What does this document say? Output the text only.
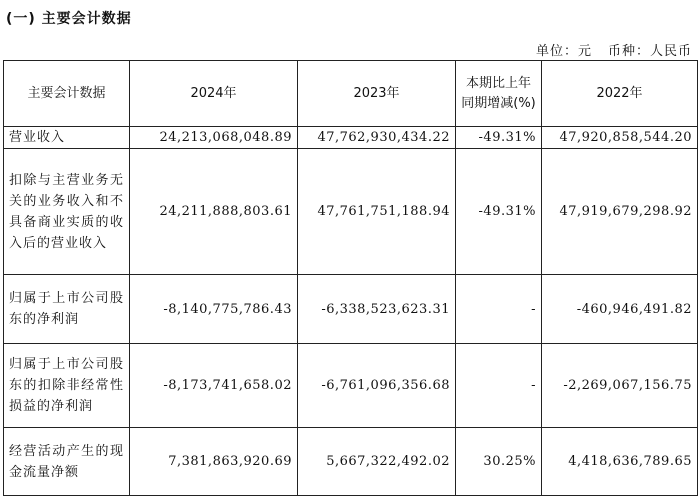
(一) 主要会计数据
单位：元 币种：人民币
主要会计数据	2024年	2023年	本期比上年同期增减(%)	2022年
营业收入	24,213,068,048.89	47,762,930,434.22	-49.31%	47,920,858,544.20
扣除与主营业务无关的业务收入和不具备商业实质的收入后的营业收入	24,211,888,803.61	47,761,751,188.94	-49.31%	47,919,679,298.92
归属于上市公司股东的净利润	-8,140,775,786.43	-6,338,523,623.31	-	-460,946,491.82
归属于上市公司股东的扣除非经常性损益的净利润	-8,173,741,658.02	-6,761,096,356.68	-	-2,269,067,156.75
经营活动产生的现金流量净额	7,381,863,920.69	5,667,322,492.02	30.25%	4,418,636,789.65
